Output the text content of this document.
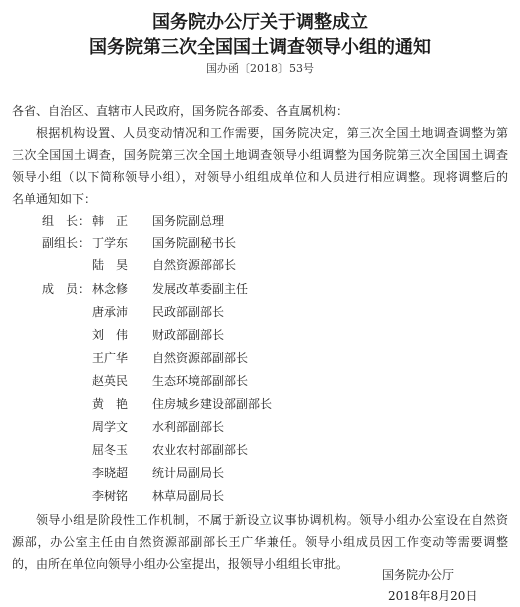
国务院办公厅关于调整成立
国务院第三次全国国土调查领导小组的通知
国办函〔2018〕53号
各省、自治区、直辖市人民政府，国务院各部委、各直属机构：
根据机构设置、人员变动情况和工作需要，国务院决定，第三次全国土地调查调整为第
三次全国国土调查，国务院第三次全国土地调查领导小组调整为国务院第三次全国国土调查
领导小组（以下简称领导小组），对领导小组组成单位和人员进行相应调整。现将调整后的
名单通知如下：
组　长： 韩　正 国务院副总理
副组长： 丁学东 国务院副秘书长
陆　昊 自然资源部部长
成　员： 林念修 发展改革委副主任
唐承沛 民政部副部长
刘　伟 财政部副部长
王广华 自然资源部副部长
赵英民 生态环境部副部长
黄　艳 住房城乡建设部副部长
周学文 水利部副部长
屈冬玉 农业农村部副部长
李晓超 统计局副局长
李树铭 林草局副局长
领导小组是阶段性工作机制，不属于新设立议事协调机构。领导小组办公室设在自然资
源部，办公室主任由自然资源部副部长王广华兼任。领导小组成员因工作变动等需要调整
的，由所在单位向领导小组办公室提出，报领导小组组长审批。
国务院办公厅
2018年8月20日
